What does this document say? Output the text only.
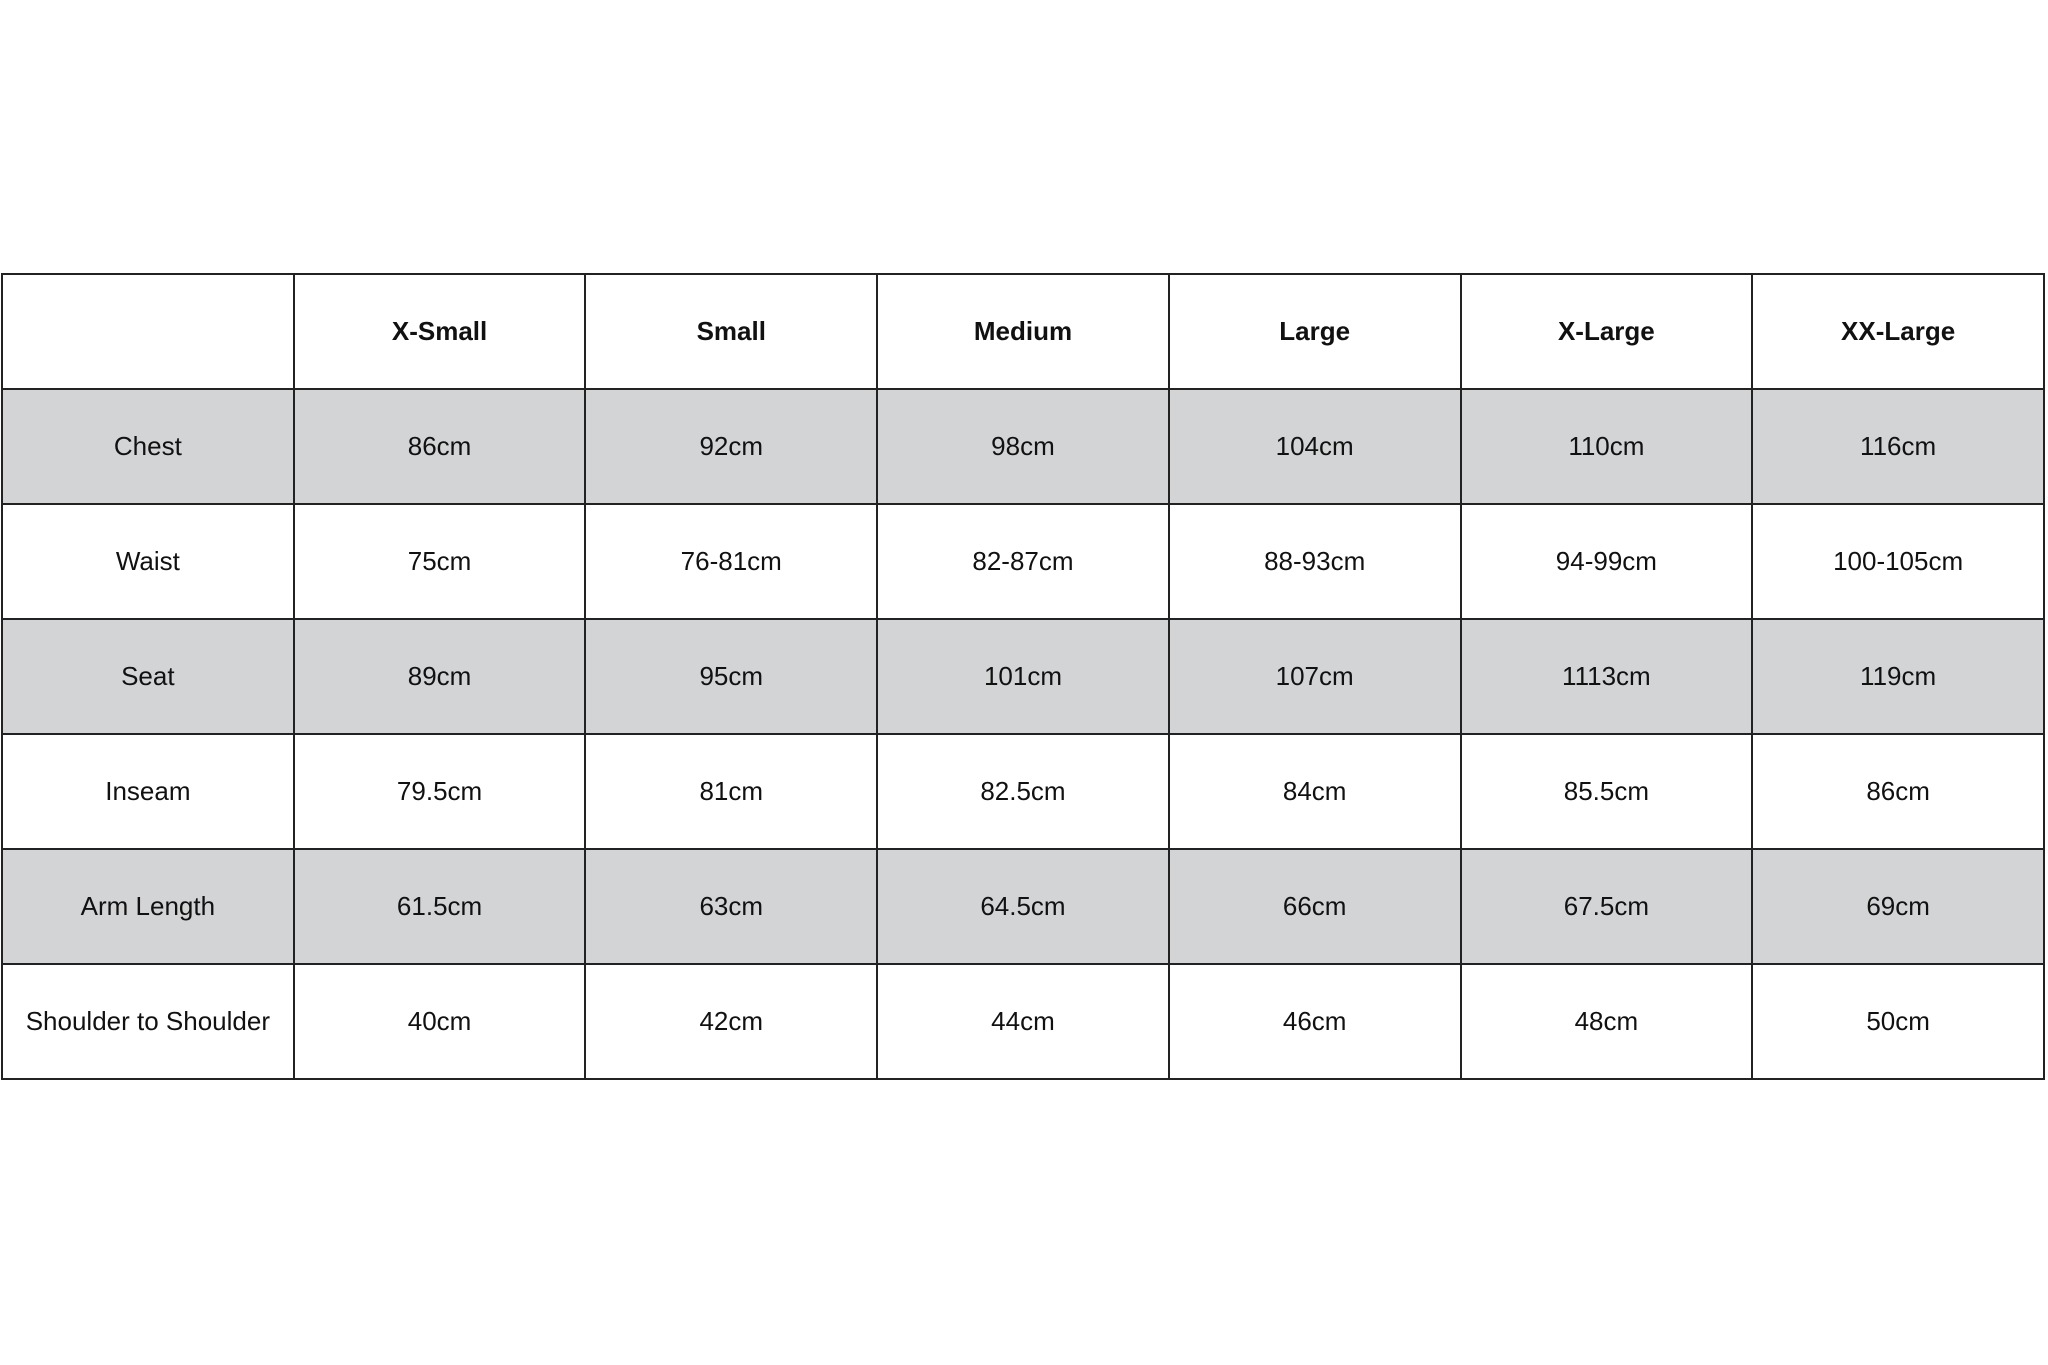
	X-Small	Small	Medium	Large	X-Large	XX-Large
Chest	86cm	92cm	98cm	104cm	110cm	116cm
Waist	75cm	76-81cm	82-87cm	88-93cm	94-99cm	100-105cm
Seat	89cm	95cm	101cm	107cm	1113cm	119cm
Inseam	79.5cm	81cm	82.5cm	84cm	85.5cm	86cm
Arm Length	61.5cm	63cm	64.5cm	66cm	67.5cm	69cm
Shoulder to Shoulder	40cm	42cm	44cm	46cm	48cm	50cm
